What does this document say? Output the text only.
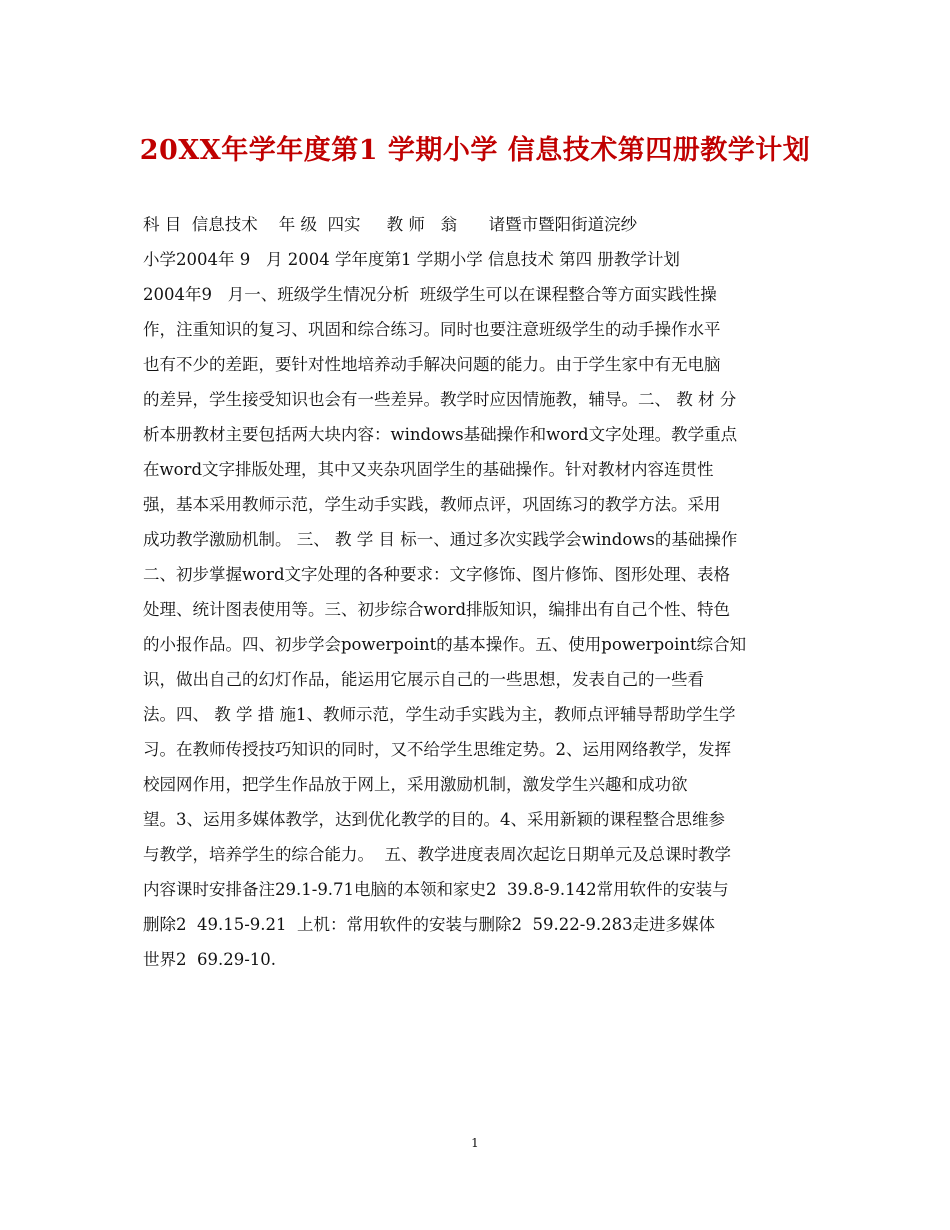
20XX年学年度第1 学期小学 信息技术第四册教学计划
科 目  信息技术    年 级  四实     教 师   翁      诸暨市暨阳街道浣纱
小学2004年 9   月 2004 学年度第1 学期小学 信息技术 第四 册教学计划
2004年9   月一、班级学生情况分析  班级学生可以在课程整合等方面实践性操
作，注重知识的复习、巩固和综合练习。同时也要注意班级学生的动手操作水平
也有不少的差距，要针对性地培养动手解决问题的能力。由于学生家中有无电脑
的差异，学生接受知识也会有一些差异。教学时应因情施教，辅导。二、 教 材 分
析本册教材主要包括两大块内容：windows基础操作和word文字处理。教学重点
在word文字排版处理，其中又夹杂巩固学生的基础操作。针对教材内容连贯性
强，基本采用教师示范，学生动手实践，教师点评，巩固练习的教学方法。采用
成功教学激励机制。 三、 教 学 目 标一、通过多次实践学会windows的基础操作
二、初步掌握word文字处理的各种要求：文字修饰、图片修饰、图形处理、表格
处理、统计图表使用等。三、初步综合word排版知识，编排出有自己个性、特色
的小报作品。四、初步学会powerpoint的基本操作。五、使用powerpoint综合知
识，做出自己的幻灯作品，能运用它展示自己的一些思想，发表自己的一些看
法。四、 教 学 措 施1、教师示范，学生动手实践为主，教师点评辅导帮助学生学
习。在教师传授技巧知识的同时，又不给学生思维定势。2、运用网络教学，发挥
校园网作用，把学生作品放于网上，采用激励机制，激发学生兴趣和成功欲
望。3、运用多媒体教学，达到优化教学的目的。4、采用新颖的课程整合思维参
与教学，培养学生的综合能力。  五、教学进度表周次起讫日期单元及总课时教学
内容课时安排备注29.1-9.71电脑的本领和家史2  39.8-9.142常用软件的安装与
删除2  49.15-9.21  上机：常用软件的安装与删除2  59.22-9.283走进多媒体
世界2  69.29-10.
1
